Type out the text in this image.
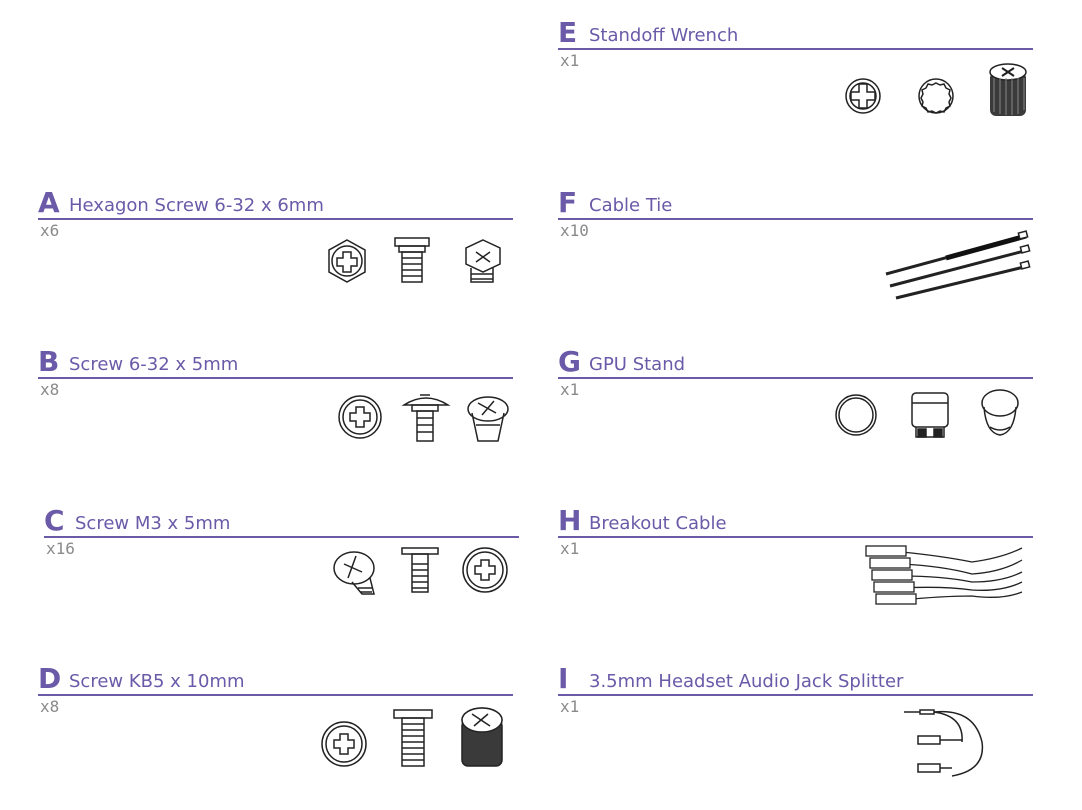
E Standoff Wrench
x1
A Hexagon Screw 6-32 x 6mm
x6
F Cable Tie
x10
B Screw 6-32 x 5mm
x8
G GPU Stand
x1
C Screw M3 x 5mm
x16
H Breakout Cable
x1
D Screw KB5 x 10mm
x8
I 3.5mm Headset Audio Jack Splitter
x1
